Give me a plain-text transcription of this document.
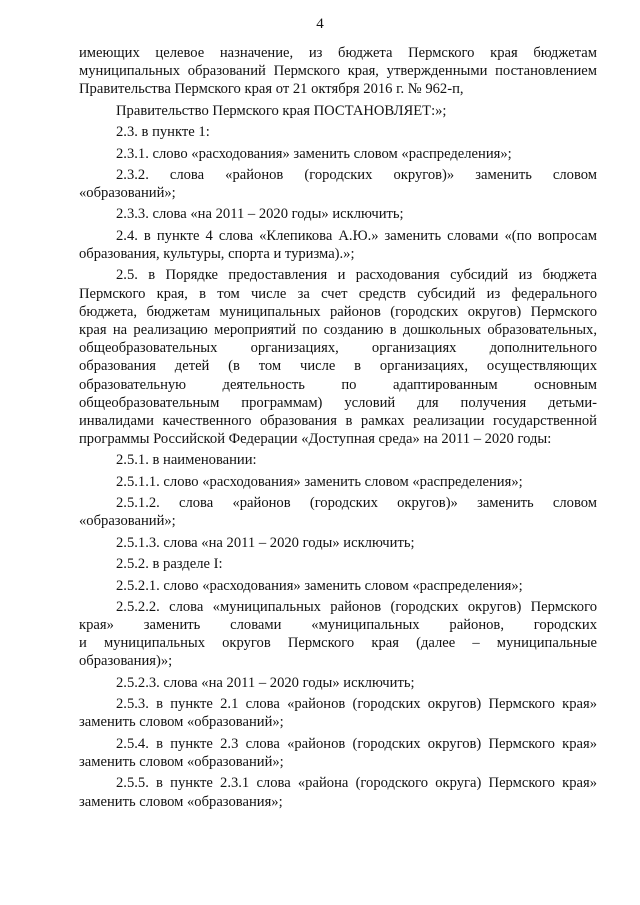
4
имеющих целевое назначение, из бюджета Пермского края бюджетам
муниципальных образований Пермского края, утвержденными постановлением
Правительства Пермского края от 21 октября 2016 г. № 962-п,
Правительство Пермского края ПОСТАНОВЛЯЕТ:»;
2.3. в пункте 1:
2.3.1. слово «расходования» заменить словом «распределения»;
2.3.2. слова «районов (городских округов)» заменить словом
«образований»;
2.3.3. слова «на 2011 – 2020 годы» исключить;
2.4. в пункте 4 слова «Клепикова А.Ю.» заменить словами «(по вопросам
образования, культуры, спорта и туризма).»;
2.5. в Порядке предоставления и расходования субсидий из бюджета
Пермского края, в том числе за счет средств субсидий из федерального
бюджета, бюджетам муниципальных районов (городских округов) Пермского
края на реализацию мероприятий по созданию в дошкольных образовательных,
общеобразовательных организациях, организациях дополнительного
образования детей (в том числе в организациях, осуществляющих
образовательную деятельность по адаптированным основным
общеобразовательным программам) условий для получения детьми-
инвалидами качественного образования в рамках реализации государственной
программы Российской Федерации «Доступная среда» на 2011 – 2020 годы:
2.5.1. в наименовании:
2.5.1.1. слово «расходования» заменить словом «распределения»;
2.5.1.2. слова «районов (городских округов)» заменить словом
«образований»;
2.5.1.3. слова «на 2011 – 2020 годы» исключить;
2.5.2. в разделе I:
2.5.2.1. слово «расходования» заменить словом «распределения»;
2.5.2.2. слова «муниципальных районов (городских округов) Пермского
края» заменить словами «муниципальных районов, городских
и муниципальных округов Пермского края (далее – муниципальные
образования)»;
2.5.2.3. слова «на 2011 – 2020 годы» исключить;
2.5.3. в пункте 2.1 слова «районов (городских округов) Пермского края»
заменить словом «образований»;
2.5.4. в пункте 2.3 слова «районов (городских округов) Пермского края»
заменить словом «образований»;
2.5.5. в пункте 2.3.1 слова «района (городского округа) Пермского края»
заменить словом «образования»;
